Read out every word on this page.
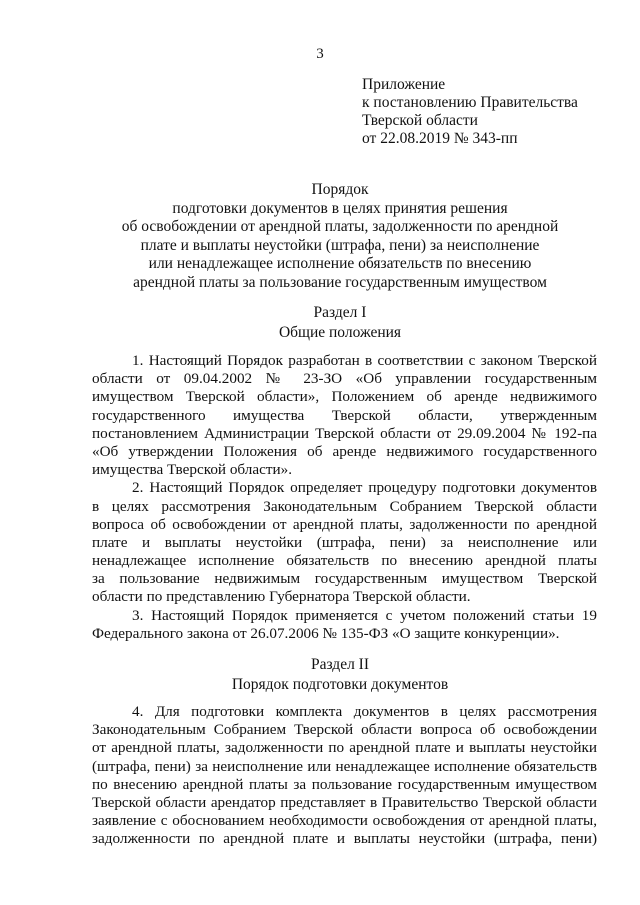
3
Приложение
к постановлению Правительства
Тверской области
от 22.08.2019 № 343-пп
Порядок
подготовки документов в целях принятия решения
об освобождении от арендной платы, задолженности по арендной
плате и выплаты неустойки (штрафа, пени) за неисполнение
или ненадлежащее исполнение обязательств по внесению
арендной платы за пользование государственным имуществом
Раздел I
Общие положения
1. Настоящий Порядок разработан в соответствии с законом Тверской
области от 09.04.2002 № 23-ЗО «Об управлении государственным
имуществом Тверской области», Положением об аренде недвижимого
государственного имущества Тверской области, утвержденным
постановлением Администрации Тверской области от 29.09.2004 № 192-па
«Об утверждении Положения об аренде недвижимого государственного
имущества Тверской области».
2. Настоящий Порядок определяет процедуру подготовки документов
в целях рассмотрения Законодательным Собранием Тверской области
вопроса об освобождении от арендной платы, задолженности по арендной
плате и выплаты неустойки (штрафа, пени) за неисполнение или
ненадлежащее исполнение обязательств по внесению арендной платы
за пользование недвижимым государственным имуществом Тверской
области по представлению Губернатора Тверской области.
3. Настоящий Порядок применяется с учетом положений статьи 19
Федерального закона от 26.07.2006 № 135-ФЗ «О защите конкуренции».
Раздел II
Порядок подготовки документов
4. Для подготовки комплекта документов в целях рассмотрения
Законодательным Собранием Тверской области вопроса об освобождении
от арендной платы, задолженности по арендной плате и выплаты неустойки
(штрафа, пени) за неисполнение или ненадлежащее исполнение обязательств
по внесению арендной платы за пользование государственным имуществом
Тверской области арендатор представляет в Правительство Тверской области
заявление с обоснованием необходимости освобождения от арендной платы,
задолженности по арендной плате и выплаты неустойки (штрафа, пени)
